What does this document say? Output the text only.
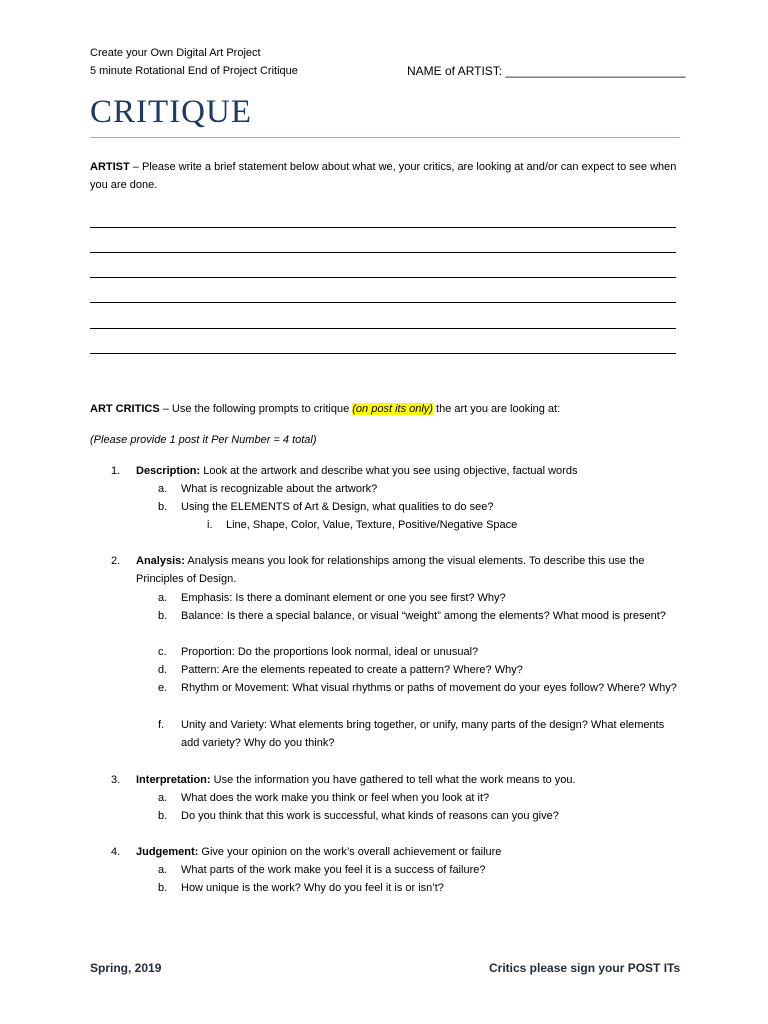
Create your Own Digital Art Project
5 minute Rotational End of Project Critique	NAME of ARTIST: ___________________________
CRITIQUE
ARTIST – Please write a brief statement below about what we, your critics, are looking at and/or can expect to see when you are done.
ART CRITICS – Use the following prompts to critique (on post its only) the art you are looking at:
(Please provide 1 post it Per Number = 4 total)
1. Description: Look at the artwork and describe what you see using objective, factual words
a. What is recognizable about the artwork?
b. Using the ELEMENTS of Art & Design, what qualities to do see?
i. Line, Shape, Color, Value, Texture, Positive/Negative Space
2. Analysis: Analysis means you look for relationships among the visual elements. To describe this use the Principles of Design.
a. Emphasis: Is there a dominant element or one you see first? Why?
b. Balance: Is there a special balance, or visual “weight” among the elements? What mood is present?
c. Proportion: Do the proportions look normal, ideal or unusual?
d. Pattern: Are the elements repeated to create a pattern? Where? Why?
e. Rhythm or Movement: What visual rhythms or paths of movement do your eyes follow? Where? Why?
f. Unity and Variety: What elements bring together, or unify, many parts of the design? What elements add variety? Why do you think?
3. Interpretation: Use the information you have gathered to tell what the work means to you.
a. What does the work make you think or feel when you look at it?
b. Do you think that this work is successful, what kinds of reasons can you give?
4. Judgement: Give your opinion on the work’s overall achievement or failure
a. What parts of the work make you feel it is a success of failure?
b. How unique is the work? Why do you feel it is or isn’t?
Spring, 2019	Critics please sign your POST ITs
